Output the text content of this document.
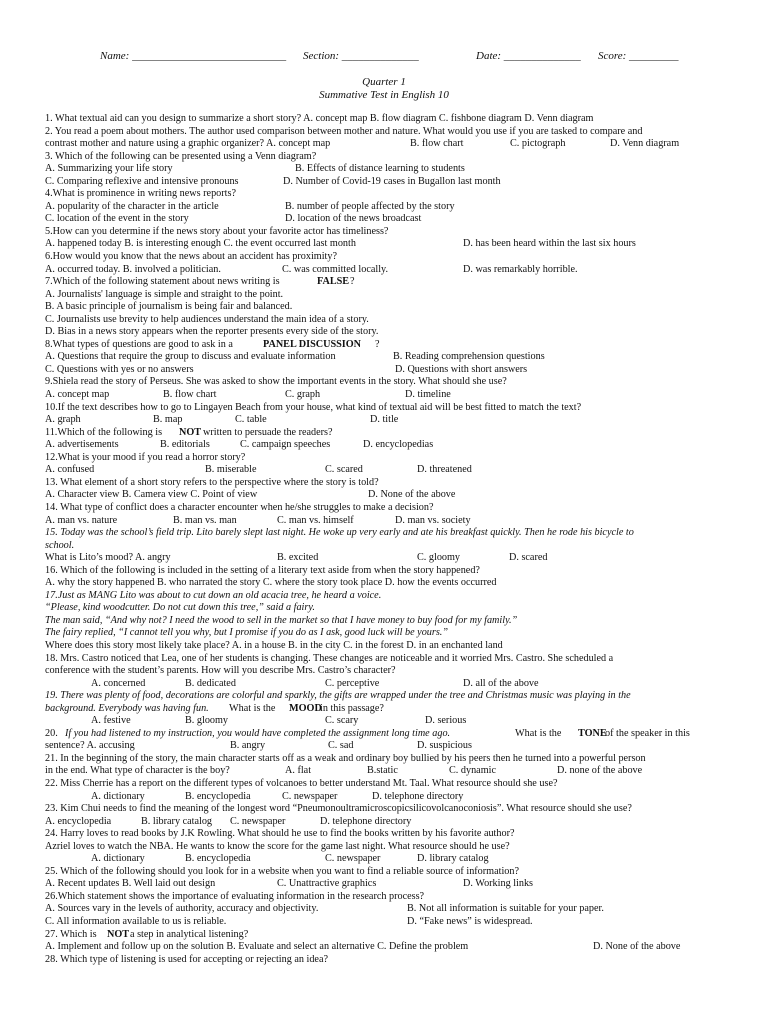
Name: ____________________________ Section: ______________	Date: ______________ Score: _________
Quarter 1
Summative Test in English 10
1. What textual aid can you design to summarize a short story? A. concept map B. flow diagram C. fishbone diagram D. Venn diagram
2. You read a poem about mothers. The author used comparison between mother and nature. What would you use if you are tasked to compare and
contrast mother and nature using a graphic organizer? A. concept map	B. flow chart	C. pictograph	D. Venn diagram
3. Which of the following can be presented using a Venn diagram?
A. Summarizing your life story	B. Effects of distance learning to students
C. Comparing reflexive and intensive pronouns	D. Number of Covid-19 cases in Bugallon last month
4.What is prominence in writing news reports?
A. popularity of the character in the article	B. number of people affected by the story
C. location of the event in the story	D. location of the news broadcast
5.How can you determine if the news story about your favorite actor has timeliness?
A. happened today B. is interesting enough C. the event occurred last month	D. has been heard within the last six hours
6.How would you know that the news about an accident has proximity?
A. occurred today. B. involved a politician.	C. was committed locally.	D. was remarkably horrible.
7.Which of the following statement about news writing is	FALSE ?
A. Journalists' language is simple and straight to the point.
B. A basic principle of journalism is being fair and balanced.
C. Journalists use brevity to help audiences understand the main idea of a story.
D. Bias in a news story appears when the reporter presents every side of the story.
8.What types of questions are good to ask in a	PANEL DISCUSSION ?
A. Questions that require the group to discuss and evaluate information	B. Reading comprehension questions
C. Questions with yes or no answers	D. Questions with short answers
9.Shiela read the story of Perseus. She was asked to show the important events in the story. What should she use?
A. concept map	B. flow chart	C. graph	D. timeline
10.If the text describes how to go to Lingayen Beach from your house, what kind of textual aid will be best fitted to match the text?
A. graph	B. map	C. table	D. title
11.Which of the following is NOT written to persuade the readers?
A. advertisements	B. editorials	C. campaign speeches	D. encyclopedias
12.What is your mood if you read a horror story?
A. confused	B. miserable	C. scared	D. threatened
13. What element of a short story refers to the perspective where the story is told?
A. Character view B. Camera view C. Point of view	D. None of the above
14. What type of conflict does a character encounter when he/she struggles to make a decision?
A. man vs. nature	B. man vs. man	C. man vs. himself	D. man vs. society
15. Today was the school’s field trip. Lito barely slept last night. He woke up very early and ate his breakfast quickly. Then he rode his bicycle to
school.
What is Lito’s mood? A. angry	B. excited	C. gloomy	D. scared
16. Which of the following is included in the setting of a literary text aside from when the story happened?
A. why the story happened B. who narrated the story C. where the story took place D. how the events occurred
17.Just as MANG Lito was about to cut down an old acacia tree, he heard a voice.
“Please, kind woodcutter. Do not cut down this tree,” said a fairy.
The man said, “And why not? I need the wood to sell in the market so that I have money to buy food for my family.”
The fairy replied, “I cannot tell you why, but I promise if you do as I ask, good luck will be yours.”
Where does this story most likely take place? A. in a house B. in the city C. in the forest D. in an enchanted land
18. Mrs. Castro noticed that Lea, one of her students is changing. These changes are noticeable and it worried Mrs. Castro. She scheduled a
conference with the student’s parents. How will you describe Mrs. Castro’s character?
A. concerned	B. dedicated	C. perceptive	D. all of the above
19. There was plenty of food, decorations are colorful and sparkly, the gifts are wrapped under the tree and Christmas music was playing in the
background. Everybody was having fun. What is the MOOD
in this passage?
A. festive	B. gloomy	C. scary	D. serious
20. If you had listened to my instruction, you would have completed the assignment long time ago.	What is the TONE
of the speaker in this
sentence? A. accusing	B. angry	C. sad	D. suspicious
21. In the beginning of the story, the main character starts off as a weak and ordinary boy bullied by his peers then he turned into a powerful person
in the end. What type of character is the boy?	A. flat	B.static	C. dynamic	D. none of the above
22. Miss Cherrie has a report on the different types of volcanoes to better understand Mt. Taal. What resource should she use?
A. dictionary	B. encyclopedia	C. newspaper	D. telephone directory
23. Kim Chui needs to find the meaning of the longest word “Pneumonoultramicroscopicsilicovolcanoconiosis”. What resource should she use?
A. encyclopedia	B. library catalog C. newspaper	D. telephone directory
24. Harry loves to read books by J.K Rowling. What should he use to find the books written by his favorite author?
Azriel loves to watch the NBA. He wants to know the score for the game last night. What resource should he use?
A. dictionary	B. encyclopedia	C. newspaper	D. library catalog
25. Which of the following should you look for in a website when you want to find a reliable source of information?
A. Recent updates B. Well laid out design	C. Unattractive graphics	D. Working links
26.Which statement shows the importance of evaluating information in the research process?
A. Sources vary in the levels of authority, accuracy and objectivity.	B. Not all information is suitable for your paper.
C. All information available to us is reliable.	D. “Fake news” is widespread.
27. Which is NOT a step in analytical listening?
A. Implement and follow up on the solution B. Evaluate and select an alternative C. Define the problem	D. None of the above
28. Which type of listening is used for accepting or rejecting an idea?
